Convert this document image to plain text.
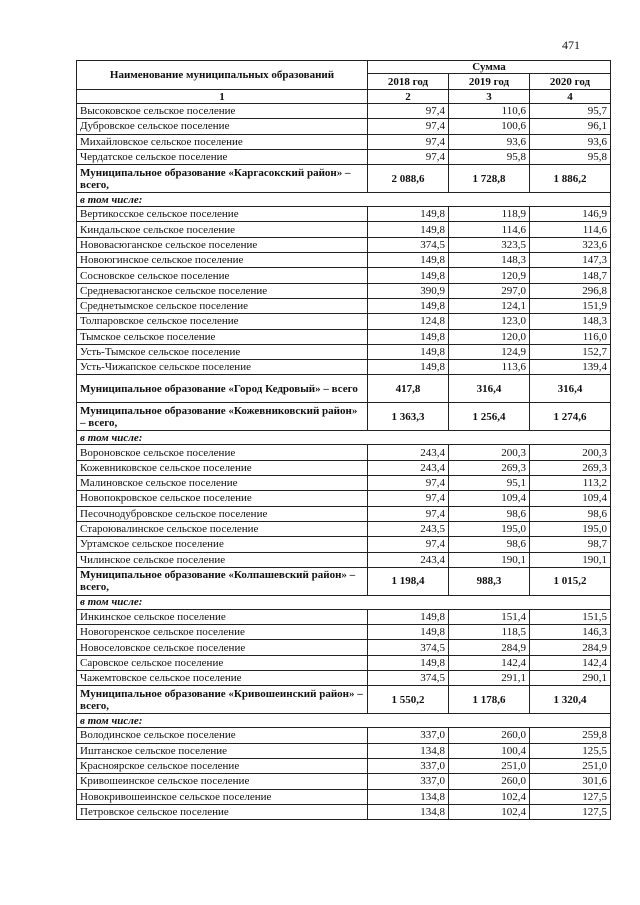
471
Наименование муниципальных образований	Сумма		
	2018 год	2019 год	2020 год
1	2	3	4
Высоковское сельское поселение	97,4	110,6	95,7
Дубровское сельское поселение	97,4	100,6	96,1
Михайловское сельское поселение	97,4	93,6	93,6
Чердатское сельское поселение	97,4	95,8	95,8
Муниципальное образование «Каргасокский район» – всего,	2 088,6	1 728,8	1 886,2
в том числе:			
Вертикосское сельское поселение	149,8	118,9	146,9
Киндальское сельское поселение	149,8	114,6	114,6
Нововасюганское сельское поселение	374,5	323,5	323,6
Новоюгинское сельское поселение	149,8	148,3	147,3
Сосновское сельское поселение	149,8	120,9	148,7
Средневасюганское сельское поселение	390,9	297,0	296,8
Среднетымское сельское поселение	149,8	124,1	151,9
Толпаровское сельское поселение	124,8	123,0	148,3
Тымское сельское поселение	149,8	120,0	116,0
Усть-Тымское сельское поселение	149,8	124,9	152,7
Усть-Чижапское сельское поселение	149,8	113,6	139,4
Муниципальное образование «Город Кедровый» – всего	417,8	316,4	316,4
Муниципальное образование «Кожевниковский район» – всего,	1 363,3	1 256,4	1 274,6
в том числе:			
Вороновское сельское поселение	243,4	200,3	200,3
Кожевниковское сельское поселение	243,4	269,3	269,3
Малиновское сельское поселение	97,4	95,1	113,2
Новопокровское сельское поселение	97,4	109,4	109,4
Песочнодубровское сельское поселение	97,4	98,6	98,6
Староювалинское сельское поселение	243,5	195,0	195,0
Уртамское сельское поселение	97,4	98,6	98,7
Чилинское сельское поселение	243,4	190,1	190,1
Муниципальное образование «Колпашевский район» – всего,	1 198,4	988,3	1 015,2
в том числе:			
Инкинское сельское поселение	149,8	151,4	151,5
Новогоренское сельское поселение	149,8	118,5	146,3
Новоселовское сельское поселение	374,5	284,9	284,9
Саровское сельское поселение	149,8	142,4	142,4
Чажемтовское сельское поселение	374,5	291,1	290,1
Муниципальное образование «Кривошеинский район» – всего,	1 550,2	1 178,6	1 320,4
в том числе:			
Володинское сельское поселение	337,0	260,0	259,8
Иштанское сельское поселение	134,8	100,4	125,5
Красноярское сельское поселение	337,0	251,0	251,0
Кривошеинское сельское поселение	337,0	260,0	301,6
Новокривошеинское сельское поселение	134,8	102,4	127,5
Петровское сельское поселение	134,8	102,4	127,5
